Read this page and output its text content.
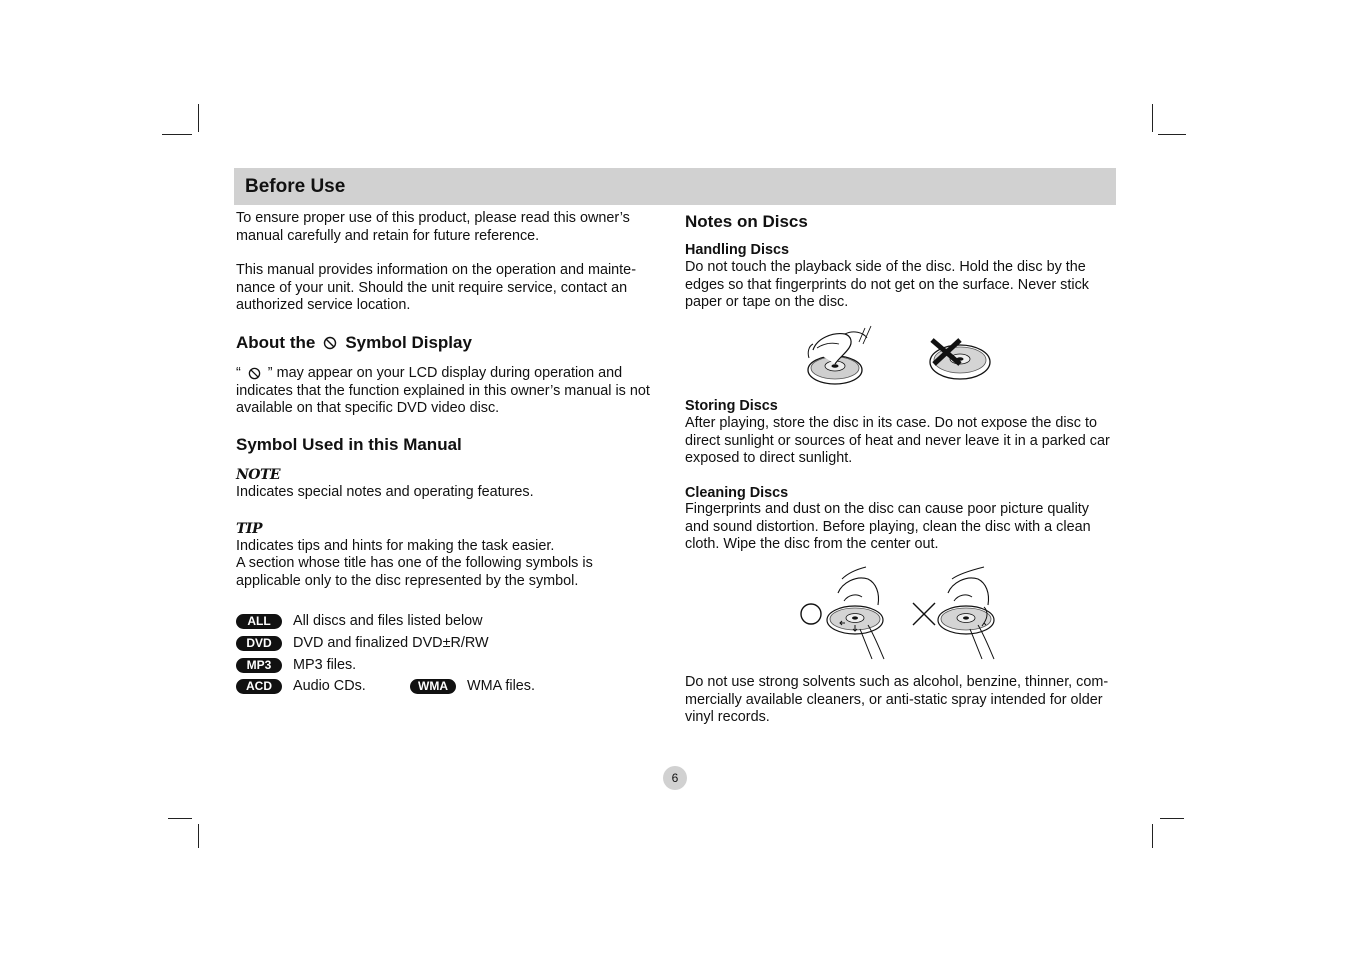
Before Use

To ensure proper use of this product, please read this owner’s manual carefully and retain for future reference.

This manual provides information on the operation and maintenance of your unit. Should the unit require service, contact an authorized service location.

About the Symbol Display

“ ” may appear on your LCD display during operation and indicates that the function explained in this owner’s manual is not available on that specific DVD video disc.

Symbol Used in this Manual
NOTE

Indicates special notes and operating features.

TIP

Indicates tips and hints for making the task easier.

A section whose title has one of the following symbols is applicable only to the disc represented by the symbol.

ALL	All discs and files listed below
DVD	DVD and finalized DVD±R/RW
MP3	MP3 files.
ACD	Audio CDs.	WMA	WMA files.
Notes on Discs
Handling Discs

Do not touch the playback side of the disc. Hold the disc by the edges so that fingerprints do not get on the surface. Never stick paper or tape on the disc.

Storing Discs

After playing, store the disc in its case. Do not expose the disc to direct sunlight or sources of heat and never leave it in a parked car exposed to direct sunlight.

Cleaning Discs

Fingerprints and dust on the disc can cause poor picture quality and sound distortion. Before playing, clean the disc with a clean cloth. Wipe the disc from the center out.

Do not use strong solvents such as alcohol, benzine, thinner, commercially available cleaners, or anti-static spray intended for older vinyl records.

6
